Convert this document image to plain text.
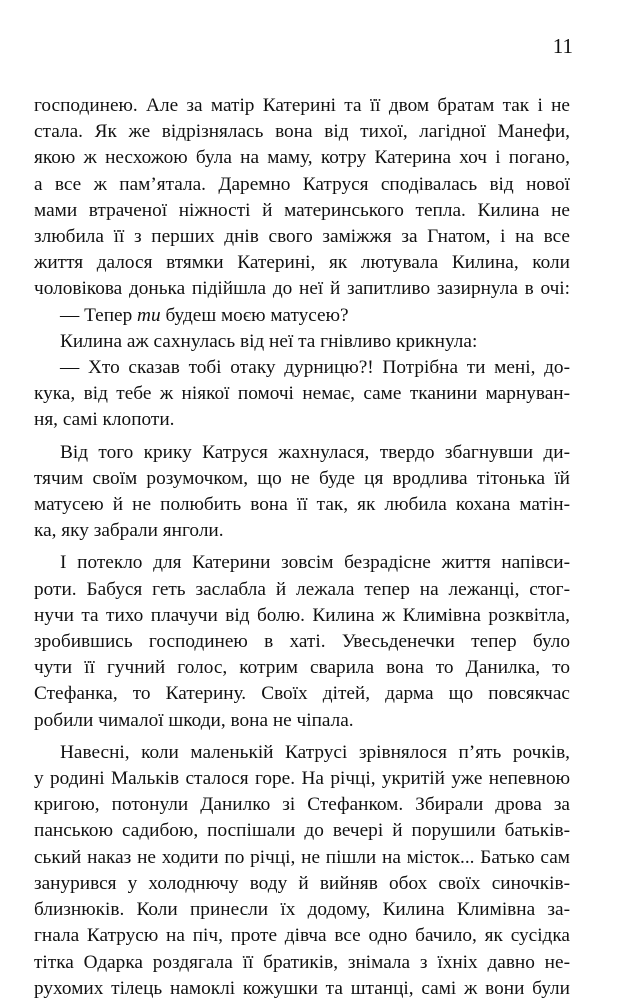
11
господинею. Але за матір Катерині та її двом братам так і не
стала. Як же відрізнялась вона від тихої, лагідної Манефи,
якою ж несхожою була на маму, котру Катерина хоч і погано,
а все ж пам’ятала. Даремно Катруся сподівалась від нової
мами втраченої ніжності й материнського тепла. Килина не
злюбила її з перших днів свого заміжжя за Гнатом, і на все
життя далося втямки Катерині, як лютувала Килина, коли
чоловікова донька підійшла до неї й запитливо зазирнула в очі:
— Тепер ти будеш моєю матусею?
Килина аж сахнулась від неї та гнівливо крикнула:
— Хто сказав тобі отаку дурницю?! Потрібна ти мені, до-
кука, від тебе ж ніякої помочі немає, саме тканини марнуван-
ня, самі клопоти.
Від того крику Катруся жахнулася, твердо збагнувши ди-
тячим своїм розумочком, що не буде ця вродлива тітонька їй
матусею й не полюбить вона її так, як любила кохана матін-
ка, яку забрали янголи.
І потекло для Катерини зовсім безрадісне життя напівси-
роти. Бабуся геть заслабла й лежала тепер на лежанці, стог-
нучи та тихо плачучи від болю. Килина ж Климівна розквітла,
зробившись господинею в хаті. Увесьденечки тепер було
чути її гучний голос, котрим сварила вона то Данилка, то
Стефанка, то Катерину. Своїх дітей, дарма що повсякчас
робили чималої шкоди, вона не чіпала.
Навесні, коли маленькій Катрусі зрівнялося п’ять рочків,
у родині Мальків сталося горе. На річці, укритій уже непевною
кригою, потонули Данилко зі Стефанком. Збирали дрова за
панською садибою, поспішали до вечері й порушили батьків-
ський наказ не ходити по річці, не пішли на місток... Батько сам
занурився у холоднючу воду й вийняв обох своїх синочків-
близнюків. Коли принесли їх додому, Килина Климівна за-
гнала Катрусю на піч, проте дівча все одно бачило, як сусідка
тітка Одарка роздягала її братиків, знімала з їхніх давно не-
рухомих тілець намоклі кожушки та штанці, самі ж вони були
